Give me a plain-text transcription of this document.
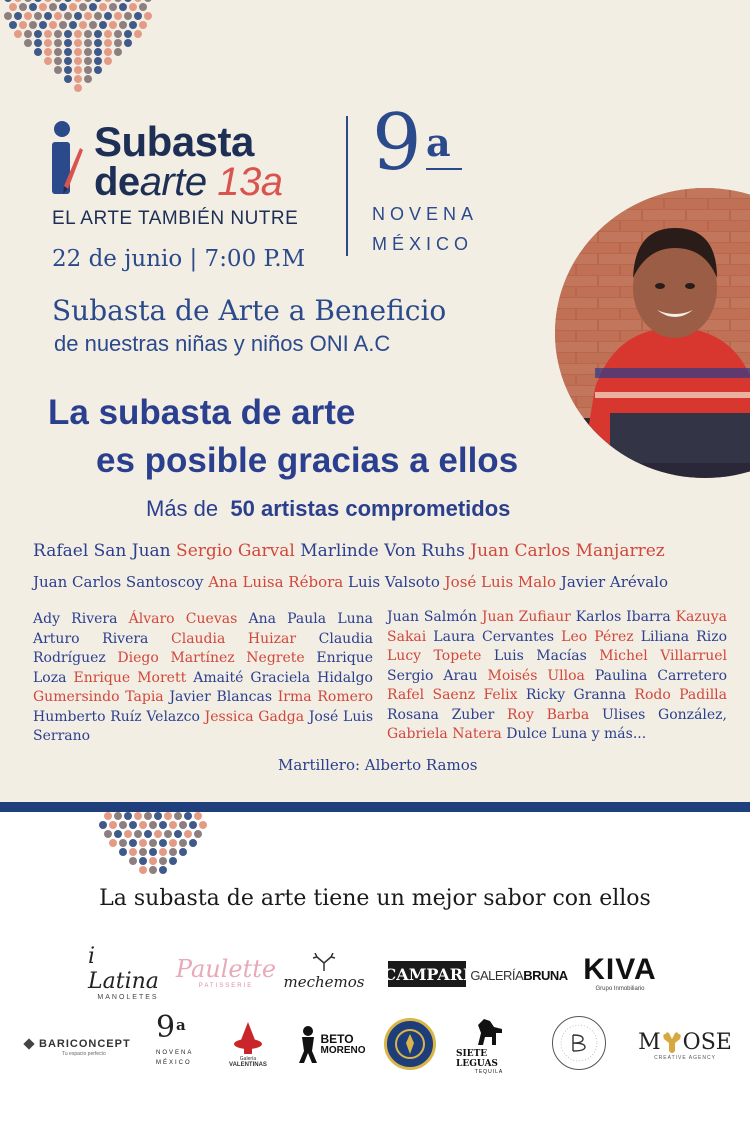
Subasta
dearte 13a
EL ARTE TAMBIÉN NUTRE
9 a
NOVENA
MÉXICO
22 de junio | 7:00 P.M
Subasta de Arte a Beneficio
de nuestras niñas y niños ONI A.C
La subasta de arte
es posible gracias a ellos
Más de 50 artistas comprometidos
Rafael San Juan Sergio Garval Marlinde Von Ruhs Juan Carlos Manjarrez
Juan Carlos Santoscoy Ana Luisa Rébora Luis Valsoto José Luis Malo Javier Arévalo
Ady Rivera Álvaro Cuevas Ana Paula Luna Arturo Rivera Claudia Huizar Claudia Rodríguez Diego Martínez Negrete Enrique Loza Enrique Morett Amaité Graciela Hidalgo Gumersindo Tapia Javier Blancas Irma Romero Humberto Ruíz Velazco Jessica Gadga José Luis Serrano
Juan Salmón Juan Zufiaur Karlos Ibarra Kazuya Sakai Laura Cervantes Leo Pérez Liliana Rizo Lucy Topete Luis Macías Michel Villarruel Sergio Arau Moisés Ulloa Paulina Carretero Rafel Saenz Felix Ricky Granna Rodo Padilla Rosana Zuber Roy Barba Ulises González, Gabriela Natera Dulce Luna y más...
Martillero: Alberto Ramos
La subasta de arte tiene un mejor sabor con ellos
i Latina
MANOLETES
Paulette
PATISSERIE mechemos CAMPARI GALERÍA BRUNA KIVA
Grupo Inmobiliario
BARICONCEPT
Tu espacio perfecto
9 a
NOVENA
MÉXICO
Galería
VALENTINAS
BETO
MORENO	SIETE LEGUAS
TEQUILA
M OSE
CREATIVE AGENCY
